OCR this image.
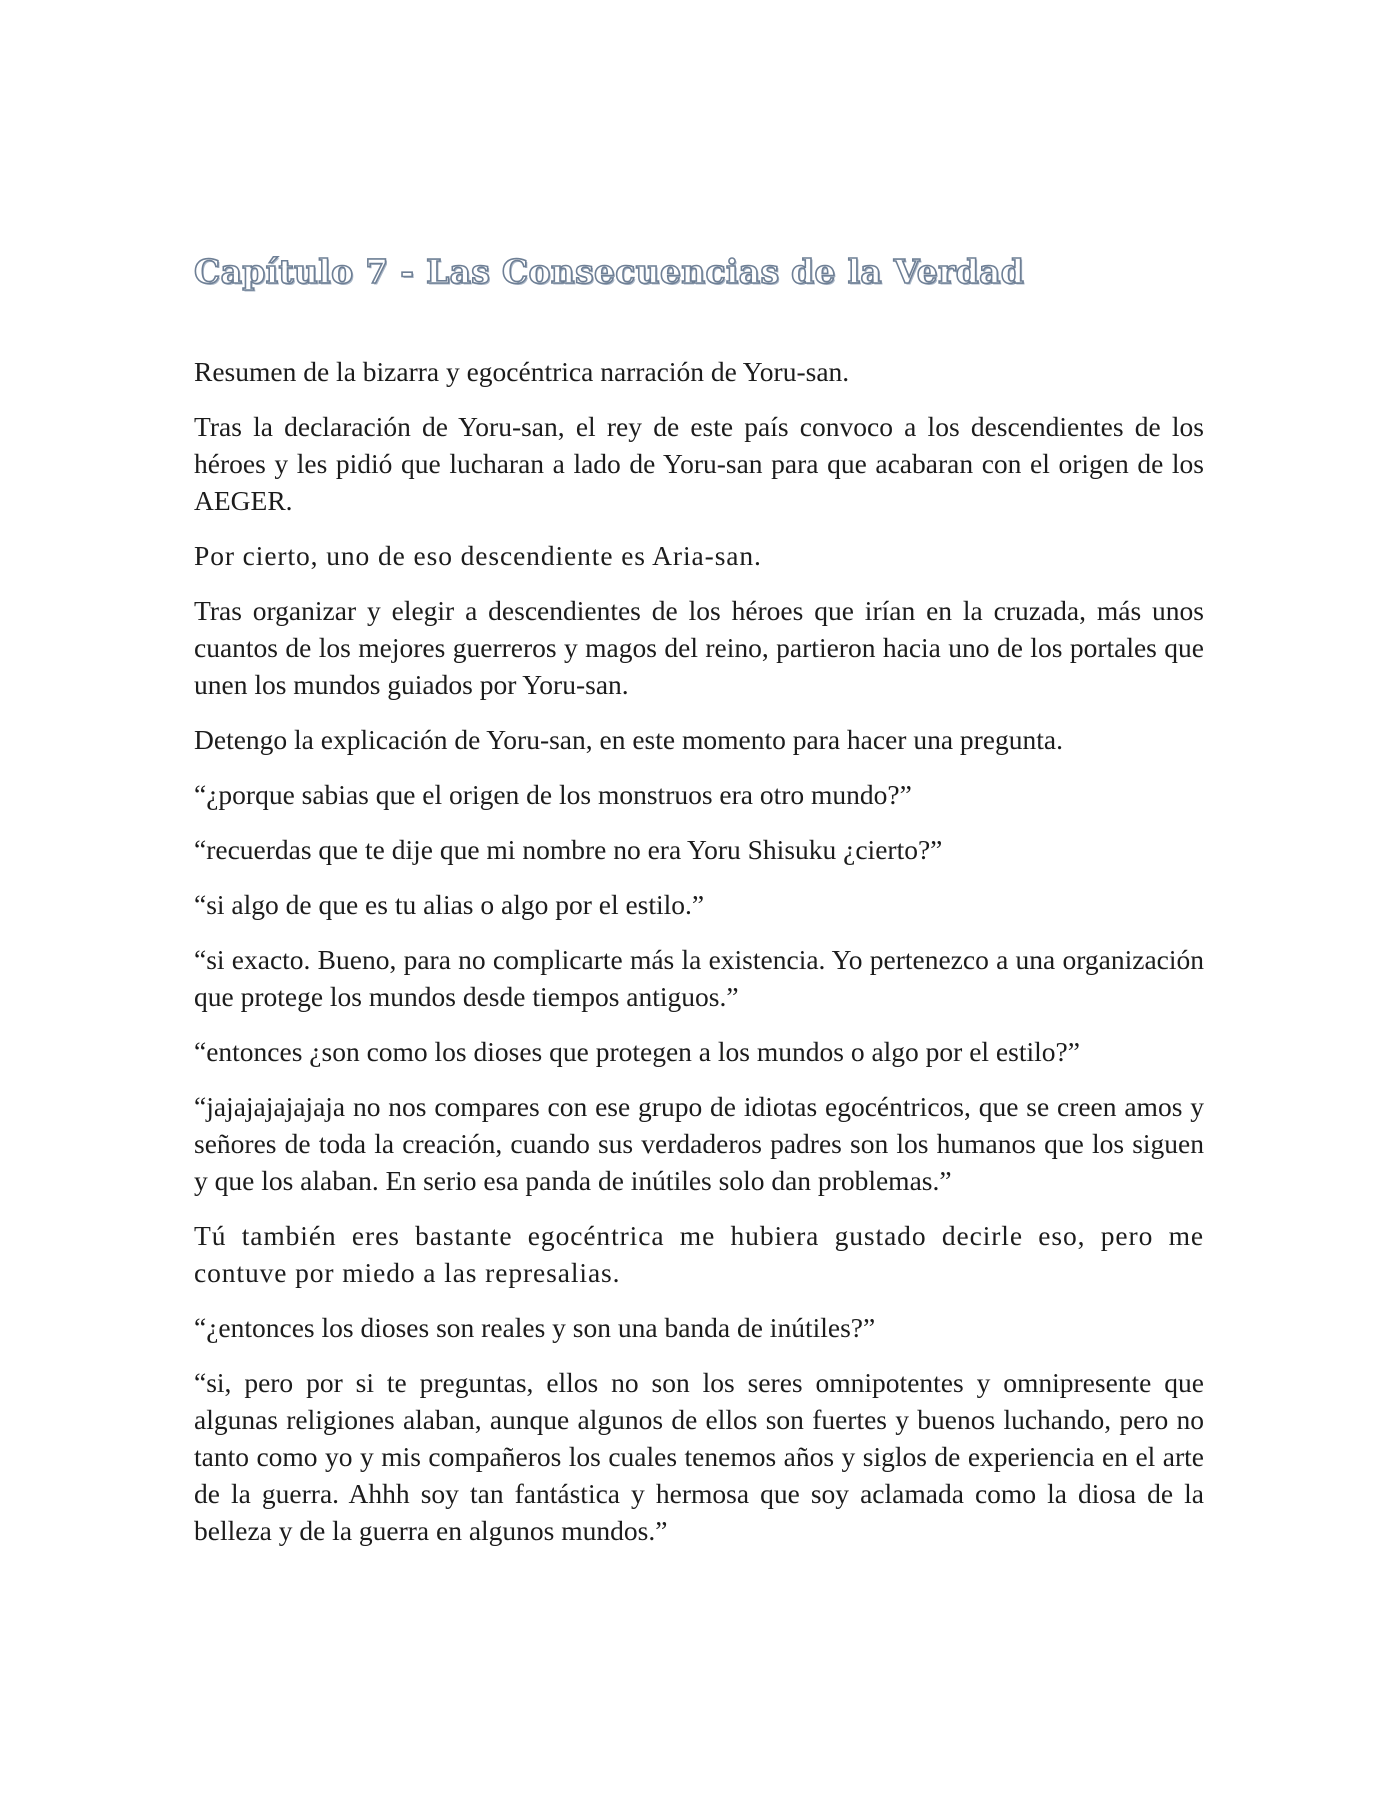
Capítulo 7 - Las Consecuencias de la Verdad

Resumen de la bizarra y egocéntrica narración de Yoru-san.

Tras la declaración de Yoru-san, el rey de este país convoco a los descendientes de los héroes y les pidió que lucharan a lado de Yoru-san para que acabaran con el origen de los AEGER.

Por cierto, uno de eso descendiente es Aria-san.

Tras organizar y elegir a descendientes de los héroes que irían en la cruzada, más unos cuantos de los mejores guerreros y magos del reino, partieron hacia uno de los portales que unen los mundos guiados por Yoru-san.

Detengo la explicación de Yoru-san, en este momento para hacer una pregunta.

“¿porque sabias que el origen de los monstruos era otro mundo?”

“recuerdas que te dije que mi nombre no era Yoru Shisuku ¿cierto?”

“si algo de que es tu alias o algo por el estilo.”

“si exacto. Bueno, para no complicarte más la existencia. Yo pertenezco a una organización que protege los mundos desde tiempos antiguos.”

“entonces ¿son como los dioses que protegen a los mundos o algo por el estilo?”

“jajajajajajaja no nos compares con ese grupo de idiotas egocéntricos, que se creen amos y señores de toda la creación, cuando sus verdaderos padres son los humanos que los siguen y que los alaban. En serio esa panda de inútiles solo dan problemas.”

Tú también eres bastante egocéntrica me hubiera gustado decirle eso, pero me contuve por miedo a las represalias.

“¿entonces los dioses son reales y son una banda de inútiles?”

“si, pero por si te preguntas, ellos no son los seres omnipotentes y omnipresente que algunas religiones alaban, aunque algunos de ellos son fuertes y buenos luchando, pero no tanto como yo y mis compañeros los cuales tenemos años y siglos de experiencia en el arte de la guerra. Ahhh soy tan fantástica y hermosa que soy aclamada como la diosa de la belleza y de la guerra en algunos mundos.”
